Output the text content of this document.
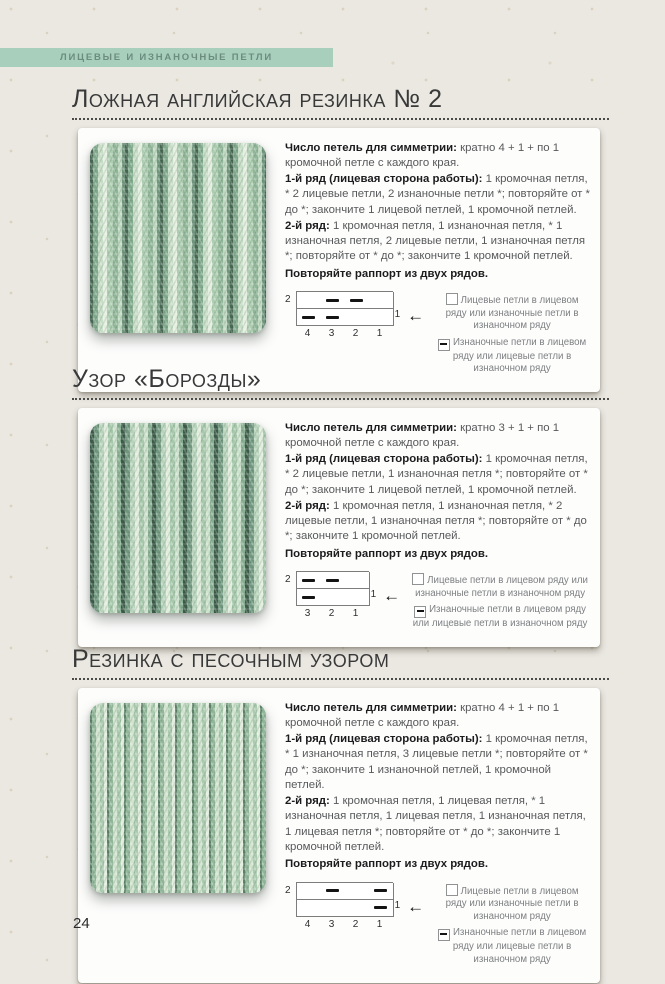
ЛИЦЕВЫЕ И ИЗНАНОЧНЫЕ ПЕТЛИ
Ложная английская резинка № 2

Число петель для симметрии: кратно 4 + 1 + по 1 кромочной петле с каждого края.

1-й ряд (лицевая сторона работы): 1 кромочная петля, * 2 лицевые петли, 2 изнаночные петли *; повторяйте от * до *; закончите 1 лицевой петлей, 1 кромочной петлей.

2-й ряд: 1 кромочная петля, 1 изнаночная петля, * 1 изнаночная петля, 2 лицевые петли, 1 изнаночная петля *; повторяйте от * до *; закончите 1 кромочной петлей.

Повторяйте раппорт из двух рядов.

2
4	3	2	1
1 ←
Лицевые петли в лицевом ряду или изнаночные петли в изнаночном ряду
Изнаночные петли в лицевом ряду или лицевые петли в изнаночном ряду
Узор «Борозды»

Число петель для симметрии: кратно 3 + 1 + по 1 кромочной петле с каждого края.

1-й ряд (лицевая сторона работы): 1 кромочная петля, * 2 лицевые петли, 1 изнаночная петля *; повторяйте от * до *; закончите 1 лицевой петлей, 1 кромочной петлей.

2-й ряд: 1 кромочная петля, 1 изнаночная петля, * 2 лицевые петли, 1 изнаночная петля *; повторяйте от * до *; закончите 1 кромочной петлей.

Повторяйте раппорт из двух рядов.

2
3	2	1
1 ←
Лицевые петли в лицевом ряду или изнаночные петли в изнаночном ряду
Изнаночные петли в лицевом ряду или лицевые петли в изнаночном ряду
Резинка с песочным узором

Число петель для симметрии: кратно 4 + 1 + по 1 кромочной петле с каждого края.

1-й ряд (лицевая сторона работы): 1 кромочная петля, * 1 изнаночная петля, 3 лицевые петли *; повторяйте от * до *; закончите 1 изнаночной петлей, 1 кромочной петлей.

2-й ряд: 1 кромочная петля, 1 лицевая петля, * 1 изнаночная петля, 1 лицевая петля, 1 изнаночная петля, 1 лицевая петля *; повторяйте от * до *; закончите 1 кромочной петлей.

Повторяйте раппорт из двух рядов.

2
4	3	2	1
1 ←
Лицевые петли в лицевом ряду или изнаночные петли в изнаночном ряду
Изнаночные петли в лицевом ряду или лицевые петли в изнаночном ряду
24
